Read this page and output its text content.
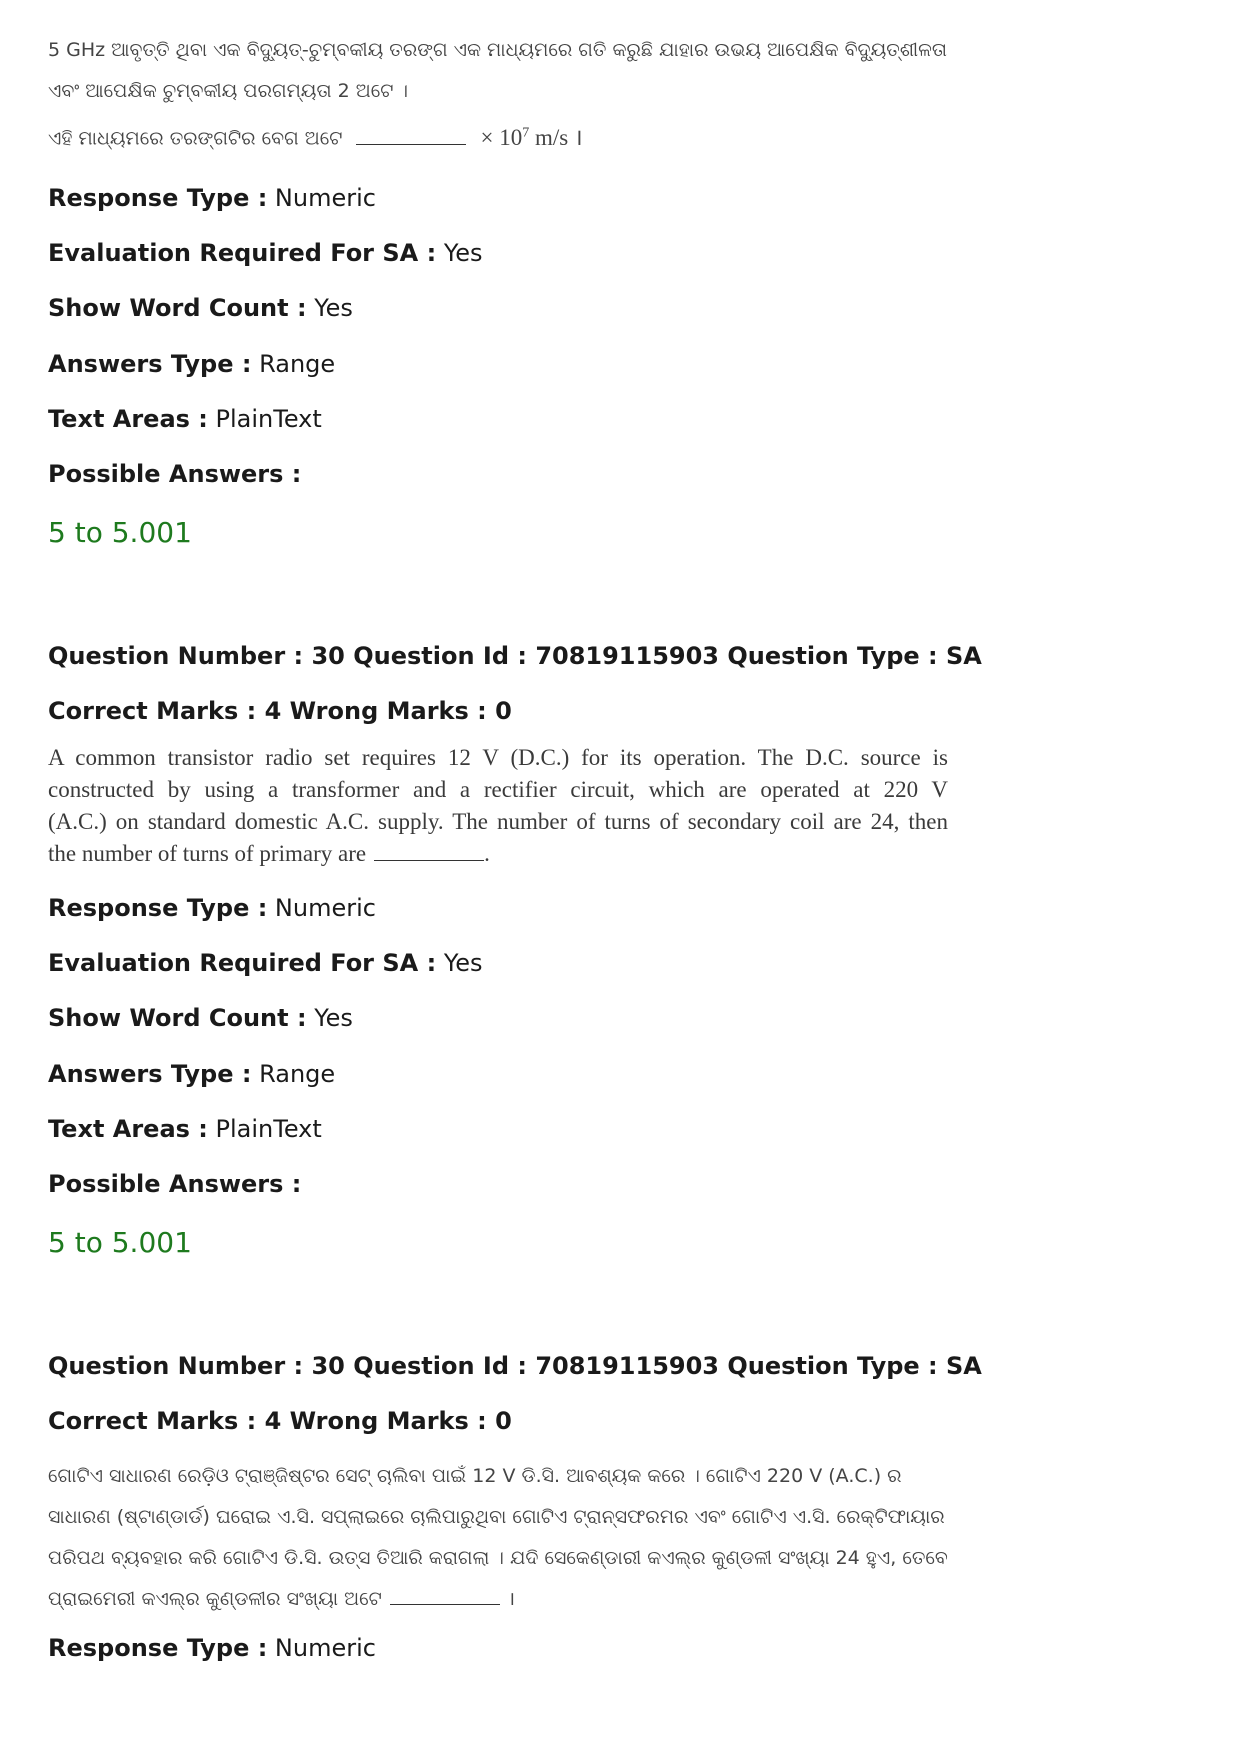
5 GHz ଆବୃତ୍ତି ଥିବା ଏକ ବିଦ୍ୟୁତ୍-ଚୁମ୍ବକୀୟ ତରଙ୍ଗ ଏକ ମାଧ୍ୟମରେ ଗତି କରୁଛି ଯାହାର ଉଭୟ ଆପେକ୍ଷିକ ବିଦ୍ୟୁତ୍‌ଶୀଳତା

ଏବଂ ଆପେକ୍ଷିକ ଚୁମ୍ବକୀୟ ପରଗମ୍ୟତା 2 ଅଟେ ।

ଏହି ମାଧ୍ୟମରେ ତରଙ୍ଗଟିର ବେଗ ଅଟେ	× $10^7$ m/s ।

Response Type : Numeric
Evaluation Required For SA : Yes
Show Word Count : Yes
Answers Type : Range
Text Areas : PlainText
Possible Answers :
5 to 5.001
Question Number : 30 Question Id : 70819115903 Question Type : SA
Correct Marks : 4 Wrong Marks : 0

A common transistor radio set requires 12 V (D.C.) for its operation. The D.C. source is

constructed by using a transformer and a rectifier circuit, which are operated at 220 V

(A.C.) on standard domestic A.C. supply. The number of turns of secondary coil are 24, then

the number of turns of primary are	.

Response Type : Numeric
Evaluation Required For SA : Yes
Show Word Count : Yes
Answers Type : Range
Text Areas : PlainText
Possible Answers :
5 to 5.001
Question Number : 30 Question Id : 70819115903 Question Type : SA
Correct Marks : 4 Wrong Marks : 0

ଗୋଟିଏ ସାଧାରଣ ରେଡ଼ିଓ ଟ୍ରାଞ୍ଜିଷ୍ଟର ସେଟ୍ ଚାଲିବା ପାଇଁ 12 V ଡି.ସି. ଆବଶ୍ୟକ କରେ । ଗୋଟିଏ 220 V (A.C.) ର

ସାଧାରଣ (ଷ୍ଟାଣ୍ଡାର୍ଡ) ଘରୋଇ ଏ.ସି. ସପ୍ଲାଇରେ ଚାଲିପାରୁଥିବା ଗୋଟିଏ ଟ୍ରାନ୍ସଫରମର ଏବଂ ଗୋଟିଏ ଏ.ସି. ରେକ୍ଟିଫାୟାର

ପରିପଥ ବ୍ୟବହାର କରି ଗୋଟିଏ ଡି.ସି. ଉତ୍ସ ତିଆରି କରାଗଲା । ଯଦି ସେକେଣ୍ଡାରୀ କଏଲ୍‌ର କୁଣ୍ଡଳୀ ସଂଖ୍ୟା 24 ହୁଏ, ତେବେ

ପ୍ରାଇମେରୀ କଏଲ୍‌ର କୁଣ୍ଡଳୀର ସଂଖ୍ୟା ଅଟେ	।

Response Type : Numeric
